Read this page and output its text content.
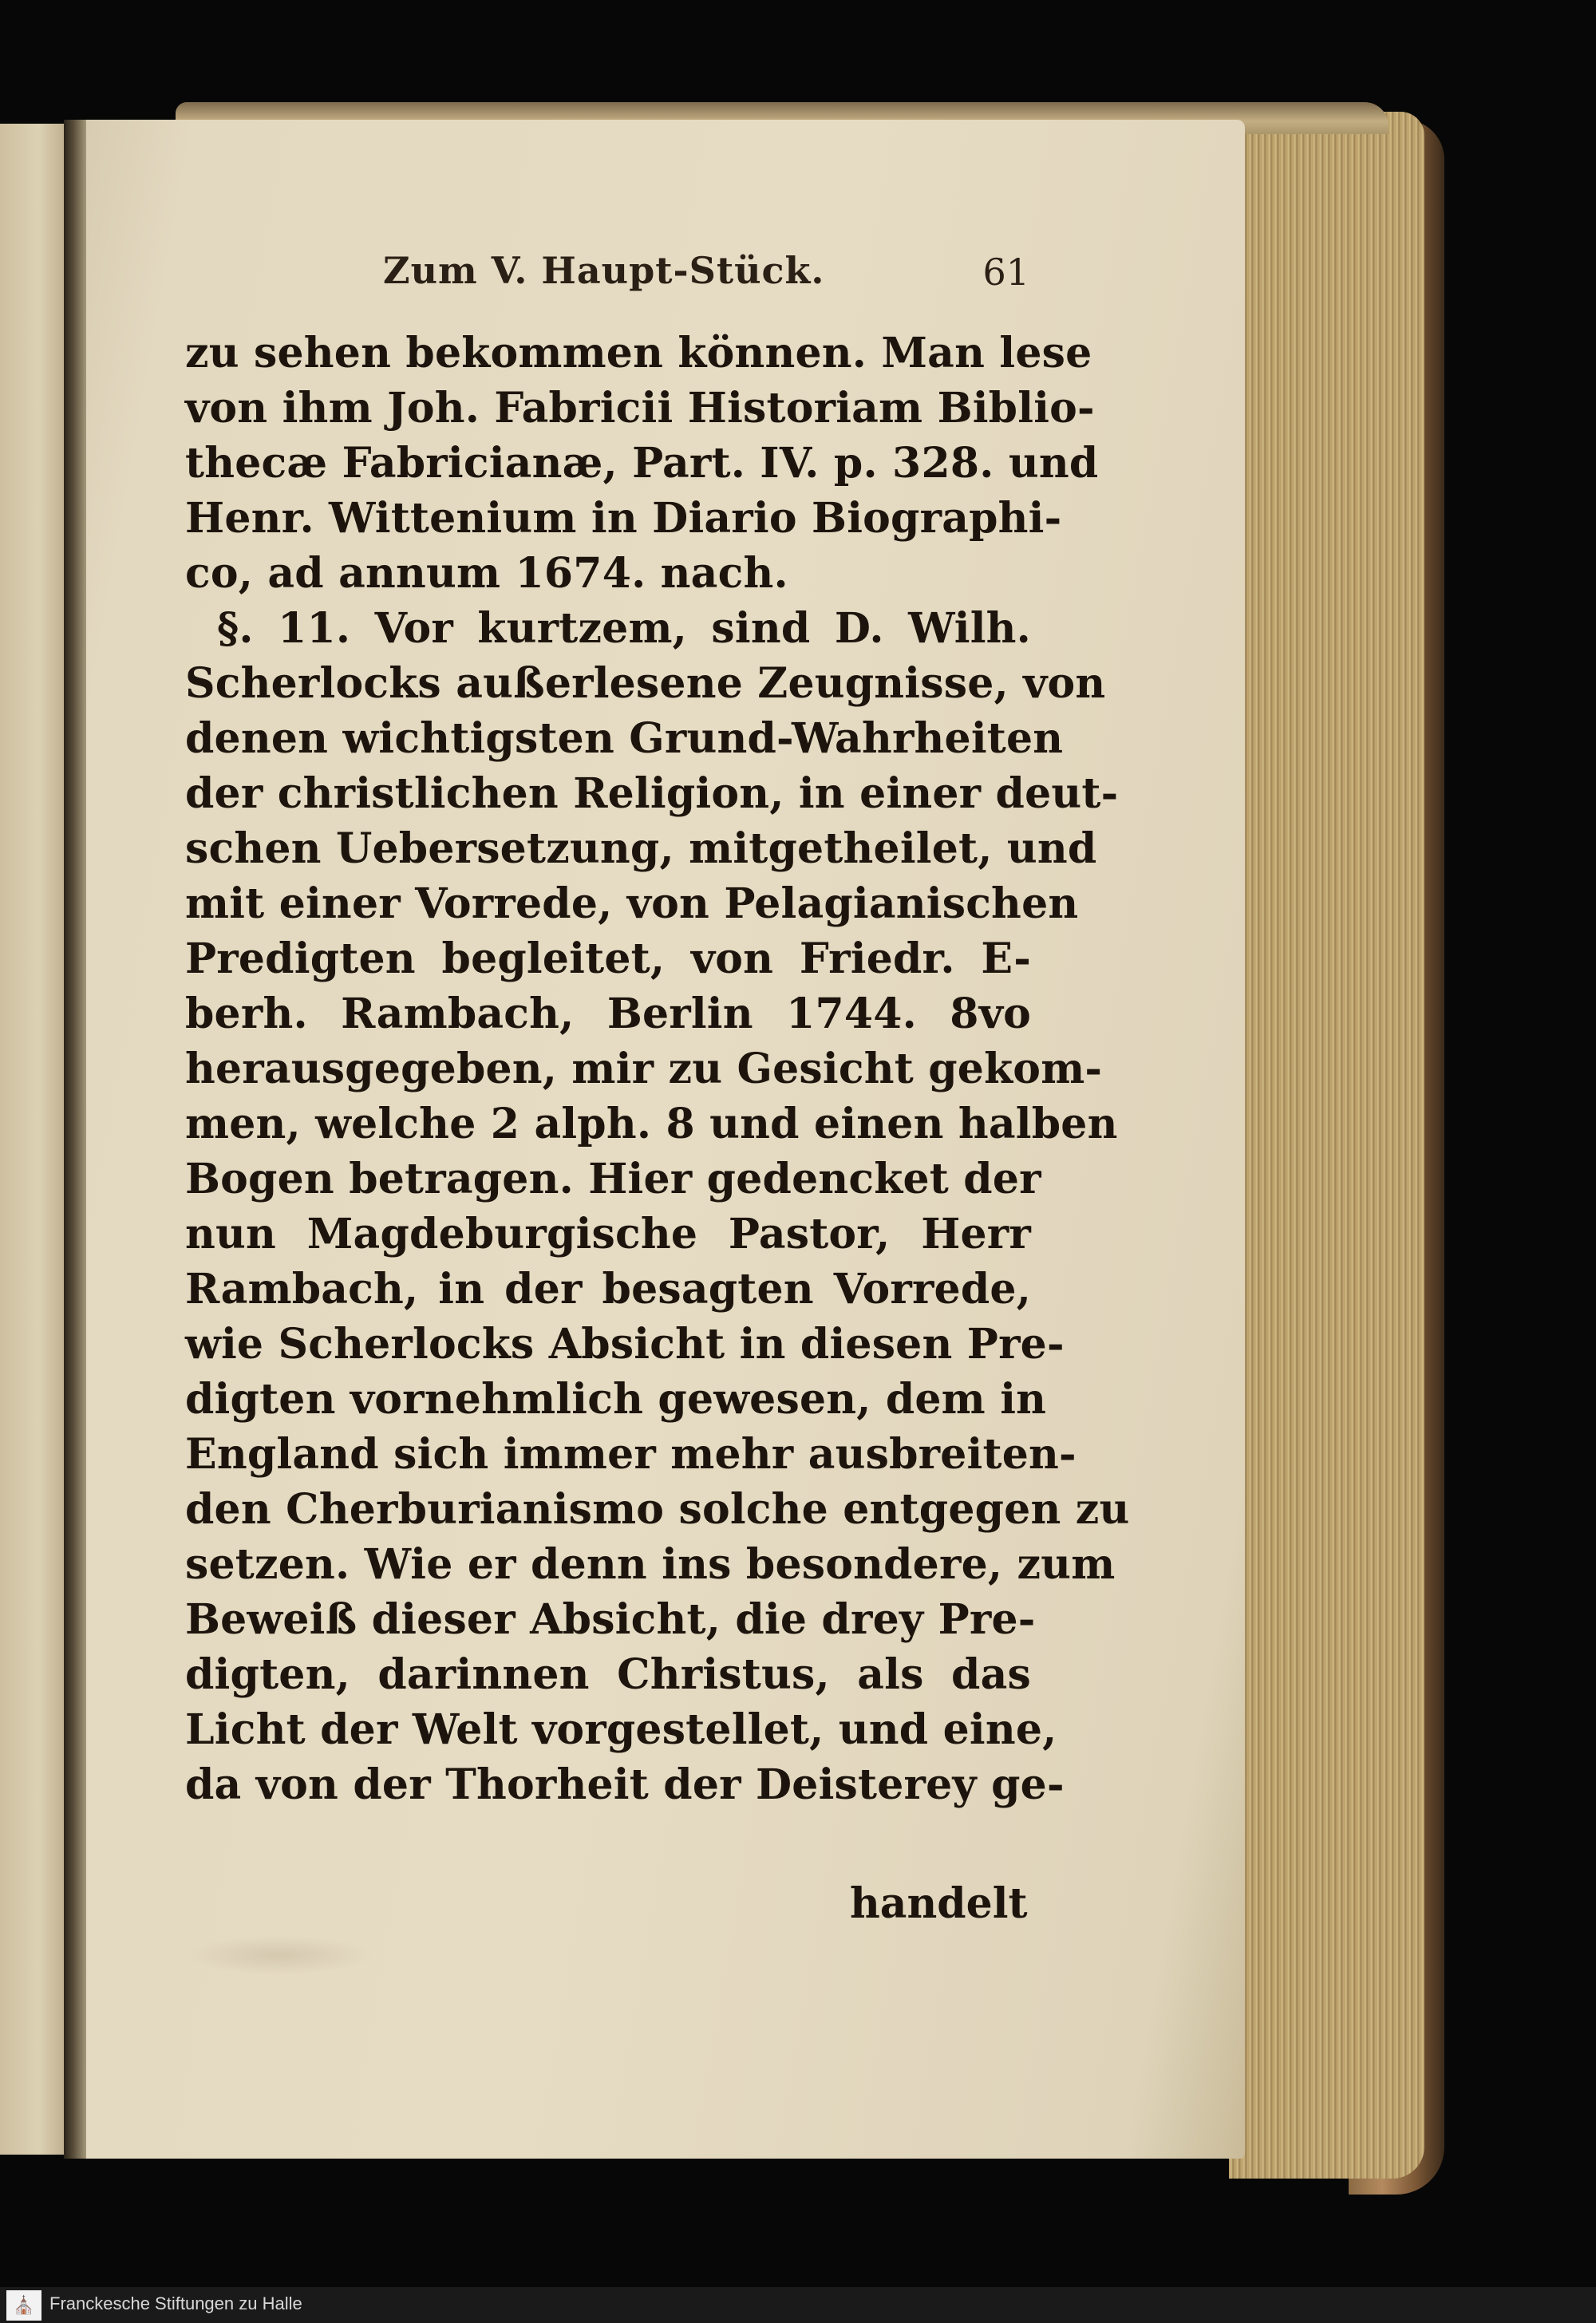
Zum V. Haupt-Stück.	61
zu sehen bekommen können. Man lese
von ihm Joh. Fabricii Historiam Biblio-
thecæ Fabricianæ, Part. IV. p. 328. und
Henr. Wittenium in Diario Biographi-
co, ad annum 1674. nach.
§. 11. Vor kurtzem, sind D. Wilh.
Scherlocks außerlesene Zeugnisse, von
denen wichtigsten Grund-Wahrheiten
der christlichen Religion, in einer deut-
schen Uebersetzung, mitgetheilet, und
mit einer Vorrede, von Pelagianischen
Predigten begleitet, von Friedr. E-
berh. Rambach, Berlin 1744. 8vo
herausgegeben, mir zu Gesicht gekom-
men, welche 2 alph. 8 und einen halben
Bogen betragen. Hier gedencket der
nun Magdeburgische Pastor, Herr
Rambach, in der besagten Vorrede,
wie Scherlocks Absicht in diesen Pre-
digten vornehmlich gewesen, dem in
England sich immer mehr ausbreiten-
den Cherburianismo solche entgegen zu
setzen. Wie er denn ins besondere, zum
Beweiß dieser Absicht, die drey Pre-
digten, darinnen Christus, als das
Licht der Welt vorgestellet, und eine,
da von der Thorheit der Deisterey ge-
handelt
⛪ Franckesche Stiftungen zu Halle
